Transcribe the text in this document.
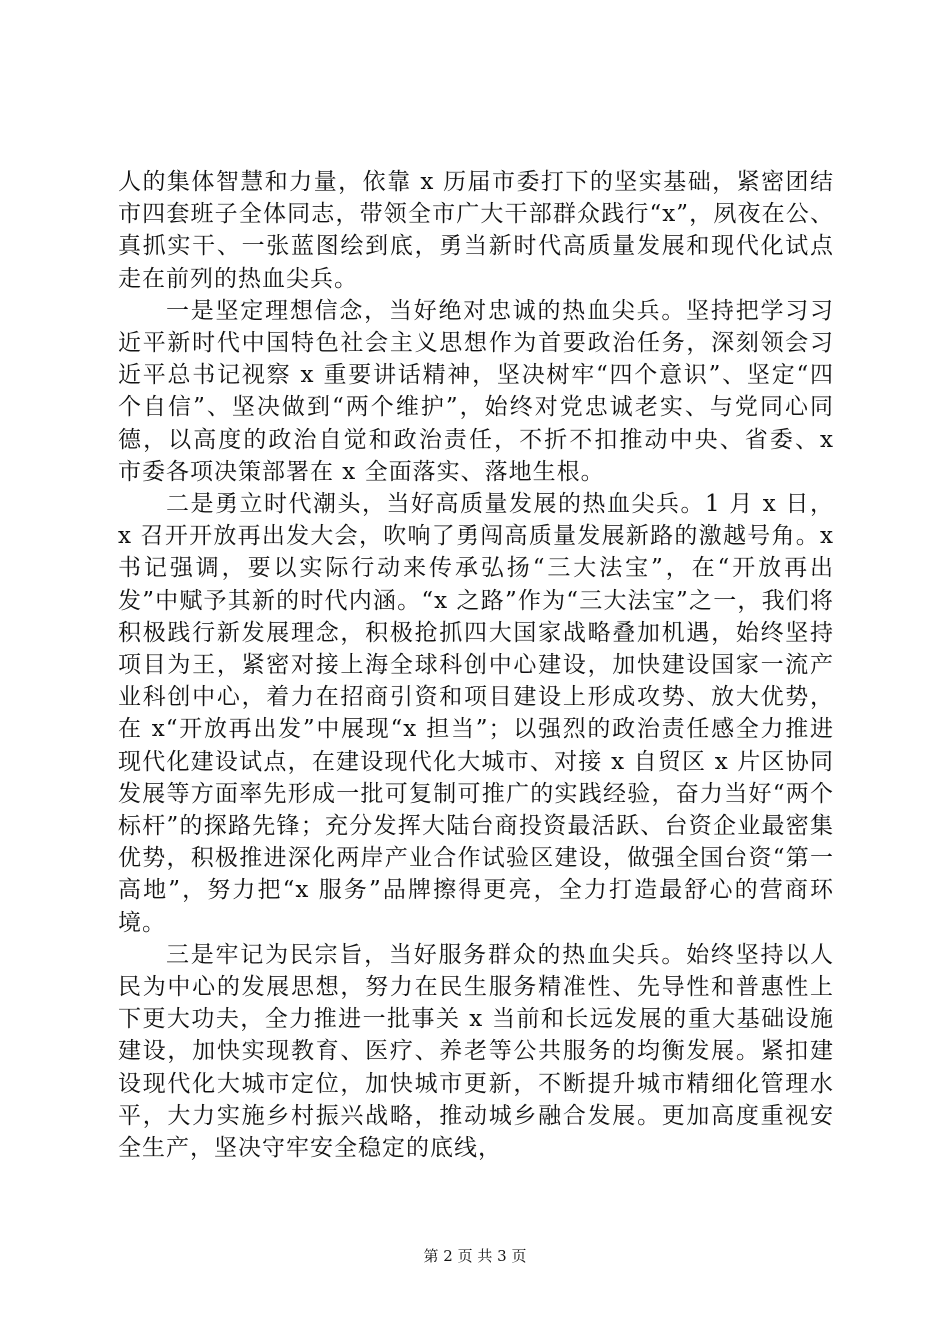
人的集体智慧和力量，依靠 x 历届市委打下的坚实基础，紧密团结市四套班子全体同志，带领全市广大干部群众践行“x”，夙夜在公、真抓实干、一张蓝图绘到底，勇当新时代高质量发展和现代化试点走在前列的热血尖兵。

一是坚定理想信念，当好绝对忠诚的热血尖兵。坚持把学习习近平新时代中国特色社会主义思想作为首要政治任务，深刻领会习近平总书记视察 x 重要讲话精神，坚决树牢“四个意识”、坚定“四个自信”、坚决做到“两个维护”，始终对党忠诚老实、与党同心同德，以高度的政治自觉和政治责任，不折不扣推动中央、省委、x 市委各项决策部署在 x 全面落实、落地生根。

二是勇立时代潮头，当好高质量发展的热血尖兵。1 月 x 日，x 召开开放再出发大会，吹响了勇闯高质量发展新路的激越号角。x 书记强调，要以实际行动来传承弘扬“三大法宝”，在“开放再出发”中赋予其新的时代内涵。“x 之路”作为“三大法宝”之一，我们将积极践行新发展理念，积极抢抓四大国家战略叠加机遇，始终坚持项目为王，紧密对接上海全球科创中心建设，加快建设国家一流产业科创中心，着力在招商引资和项目建设上形成攻势、放大优势，在 x“开放再出发”中展现“x 担当”；以强烈的政治责任感全力推进现代化建设试点，在建设现代化大城市、对接 x 自贸区 x 片区协同发展等方面率先形成一批可复制可推广的实践经验，奋力当好“两个标杆”的探路先锋；充分发挥大陆台商投资最活跃、台资企业最密集优势，积极推进深化两岸产业合作试验区建设，做强全国台资“第一高地”，努力把“x 服务”品牌擦得更亮，全力打造最舒心的营商环境。

三是牢记为民宗旨，当好服务群众的热血尖兵。始终坚持以人民为中心的发展思想，努力在民生服务精准性、先导性和普惠性上下更大功夫，全力推进一批事关 x 当前和长远发展的重大基础设施建设，加快实现教育、医疗、养老等公共服务的均衡发展。紧扣建设现代化大城市定位，加快城市更新，不断提升城市精细化管理水平，大力实施乡村振兴战略，推动城乡融合发展。更加高度重视安全生产，坚决守牢安全稳定的底线，

第 2 页 共 3 页
